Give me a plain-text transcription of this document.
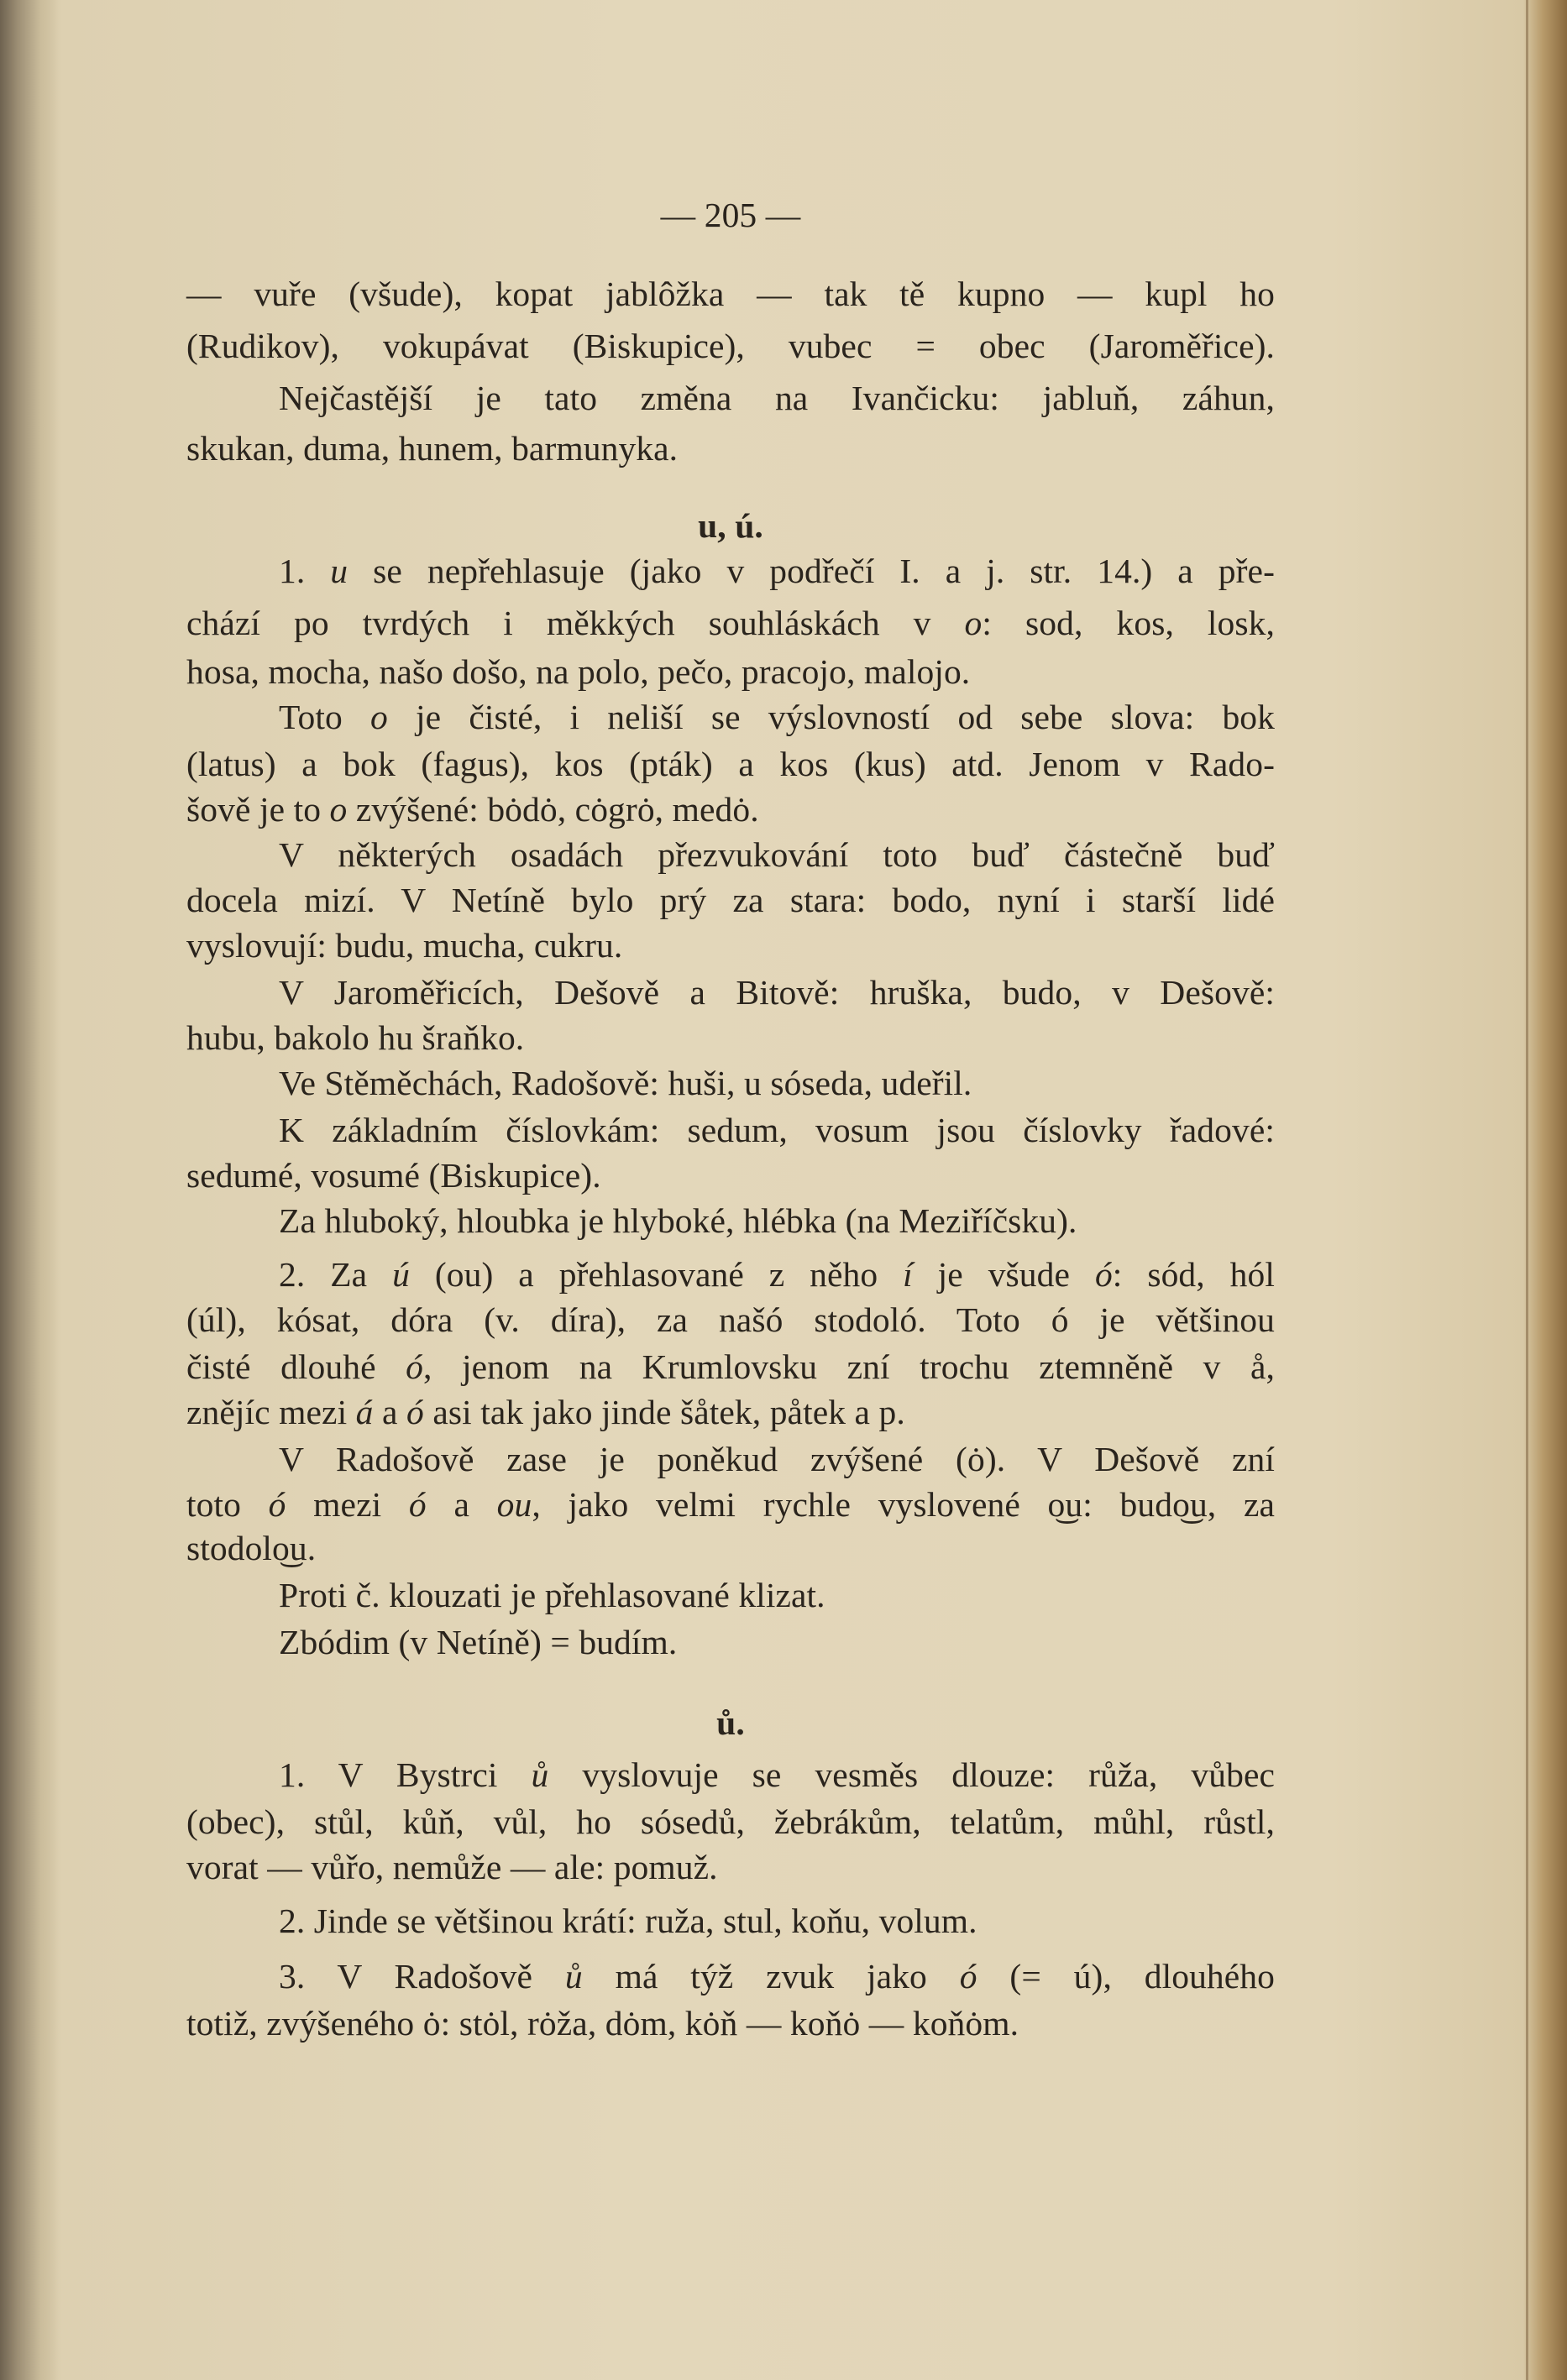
— 205 —
— vuře (všude), kopat jablôžka — tak tě kupno — kupl ho
(Rudikov), vokupávat (Biskupice), vubec = obec (Jaroměřice).
Nejčastější je tato změna na Ivančicku: jabluň, záhun,
skukan, duma, hunem, barmunyka.
u, ú.
1. u se nepřehlasuje (jako v podřečí I. a j. str. 14.) a pře-
chází po tvrdých i měkkých souhláskách v o: sod, kos, losk,
hosa, mocha, našo došo, na polo, pečo, pracojo, malojo.
Toto o je čisté, i neliší se výslovností od sebe slova: bok
(latus) a bok (fagus), kos (pták) a kos (kus) atd. Jenom v Rado-
šově je to o zvýšené: bȯdȯ, cȯgrȯ, medȯ.
V některých osadách přezvukování toto buď částečně buď
docela mizí. V Netíně bylo prý za stara: bodo, nyní i starší lidé
vyslovují: budu, mucha, cukru.
V Jaroměřicích, Dešově a Bitově: hruška, budo, v Dešově:
hubu, bakolo hu šraňko.
Ve Stěměchách, Radošově: huši, u sóseda, udeřil.
K základním číslovkám: sedum, vosum jsou číslovky řadové:
sedumé, vosumé (Biskupice).
Za hluboký, hloubka je hlyboké, hlébka (na Meziříčsku).
2. Za ú (ou) a přehlasované z něho í je všude ó: sód, hól
(úl), kósat, dóra (v. díra), za našó stodoló. Toto ó je většinou
čisté dlouhé ó, jenom na Krumlovsku zní trochu ztemněně v å,
znějíc mezi á a ó asi tak jako jinde šåtek, påtek a p.
V Radošově zase je poněkud zvýšené (ȯ). V Dešově zní
toto ó mezi ó a ou, jako velmi rychle vyslovené o͜u: budo͜u, za
stodolo͜u.
Proti č. klouzati je přehlasované klizat.
Zbódim (v Netíně) = budím.
ů.
1. V Bystrci ů vyslovuje se vesměs dlouze: růža, vůbec
(obec), stůl, kůň, vůl, ho sósedů, žebrákům, telatům, můhl, růstl,
vorat — vůřo, nemůže — ale: pomuž.
2. Jinde se většinou krátí: ruža, stul, koňu, volum.
3. V Radošově ů má týž zvuk jako ó (= ú), dlouhého
totiž, zvýšeného ȯ: stȯl, rȯža, dȯm, kȯň — koňȯ — koňȯm.
